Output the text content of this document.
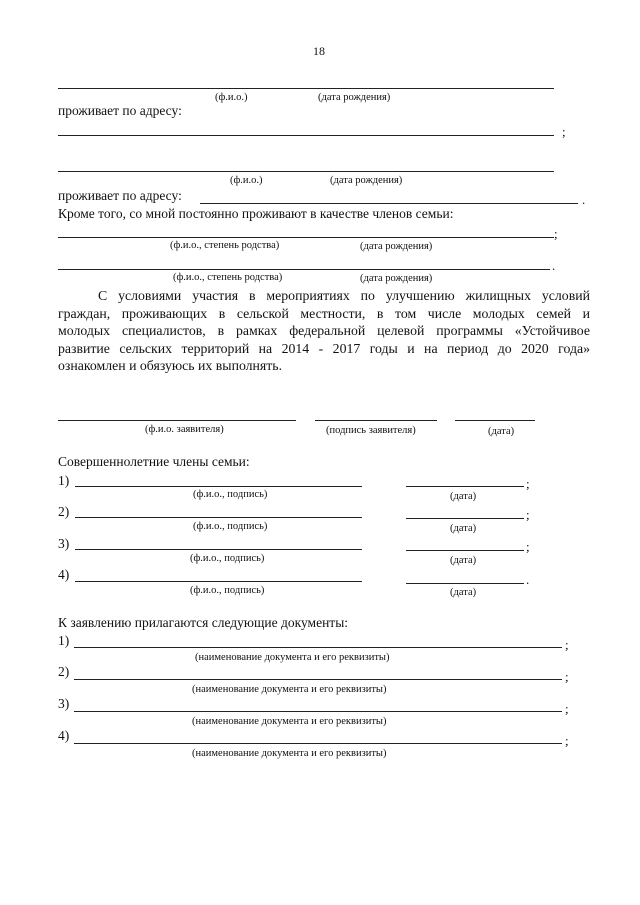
18
(ф.и.о.)	(дата рождения)
проживает по адресу:
;
(ф.и.о.)	(дата рождения)
проживает по адресу:	.
Кроме того, со мной постоянно проживают в качестве членов семьи:
;
(ф.и.о., степень родства)	(дата рождения)
.
(ф.и.о., степень родства)	(дата рождения)
С условиями участия в мероприятиях по улучшению жилищных условий
граждан, проживающих в сельской местности, в том числе молодых семей и
молодых специалистов, в рамках федеральной целевой программы «Устойчивое
развитие сельских территорий на 2014 - 2017 годы и на период до 2020 года»
ознакомлен и обязуюсь их выполнять.
(ф.и.о. заявителя)	(подпись заявителя)	(дата)
Совершеннолетние члены семьи:
1)	;
(ф.и.о., подпись)	(дата)
2)	;
(ф.и.о., подпись)	(дата)
3)	;
(ф.и.о., подпись)	(дата)
4)	.
(ф.и.о., подпись)	(дата)
К заявлению прилагаются следующие документы:
1)	;
(наименование документа и его реквизиты)
2)	;
(наименование документа и его реквизиты)
3)	;
(наименование документа и его реквизиты)
4)	;
(наименование документа и его реквизиты)
